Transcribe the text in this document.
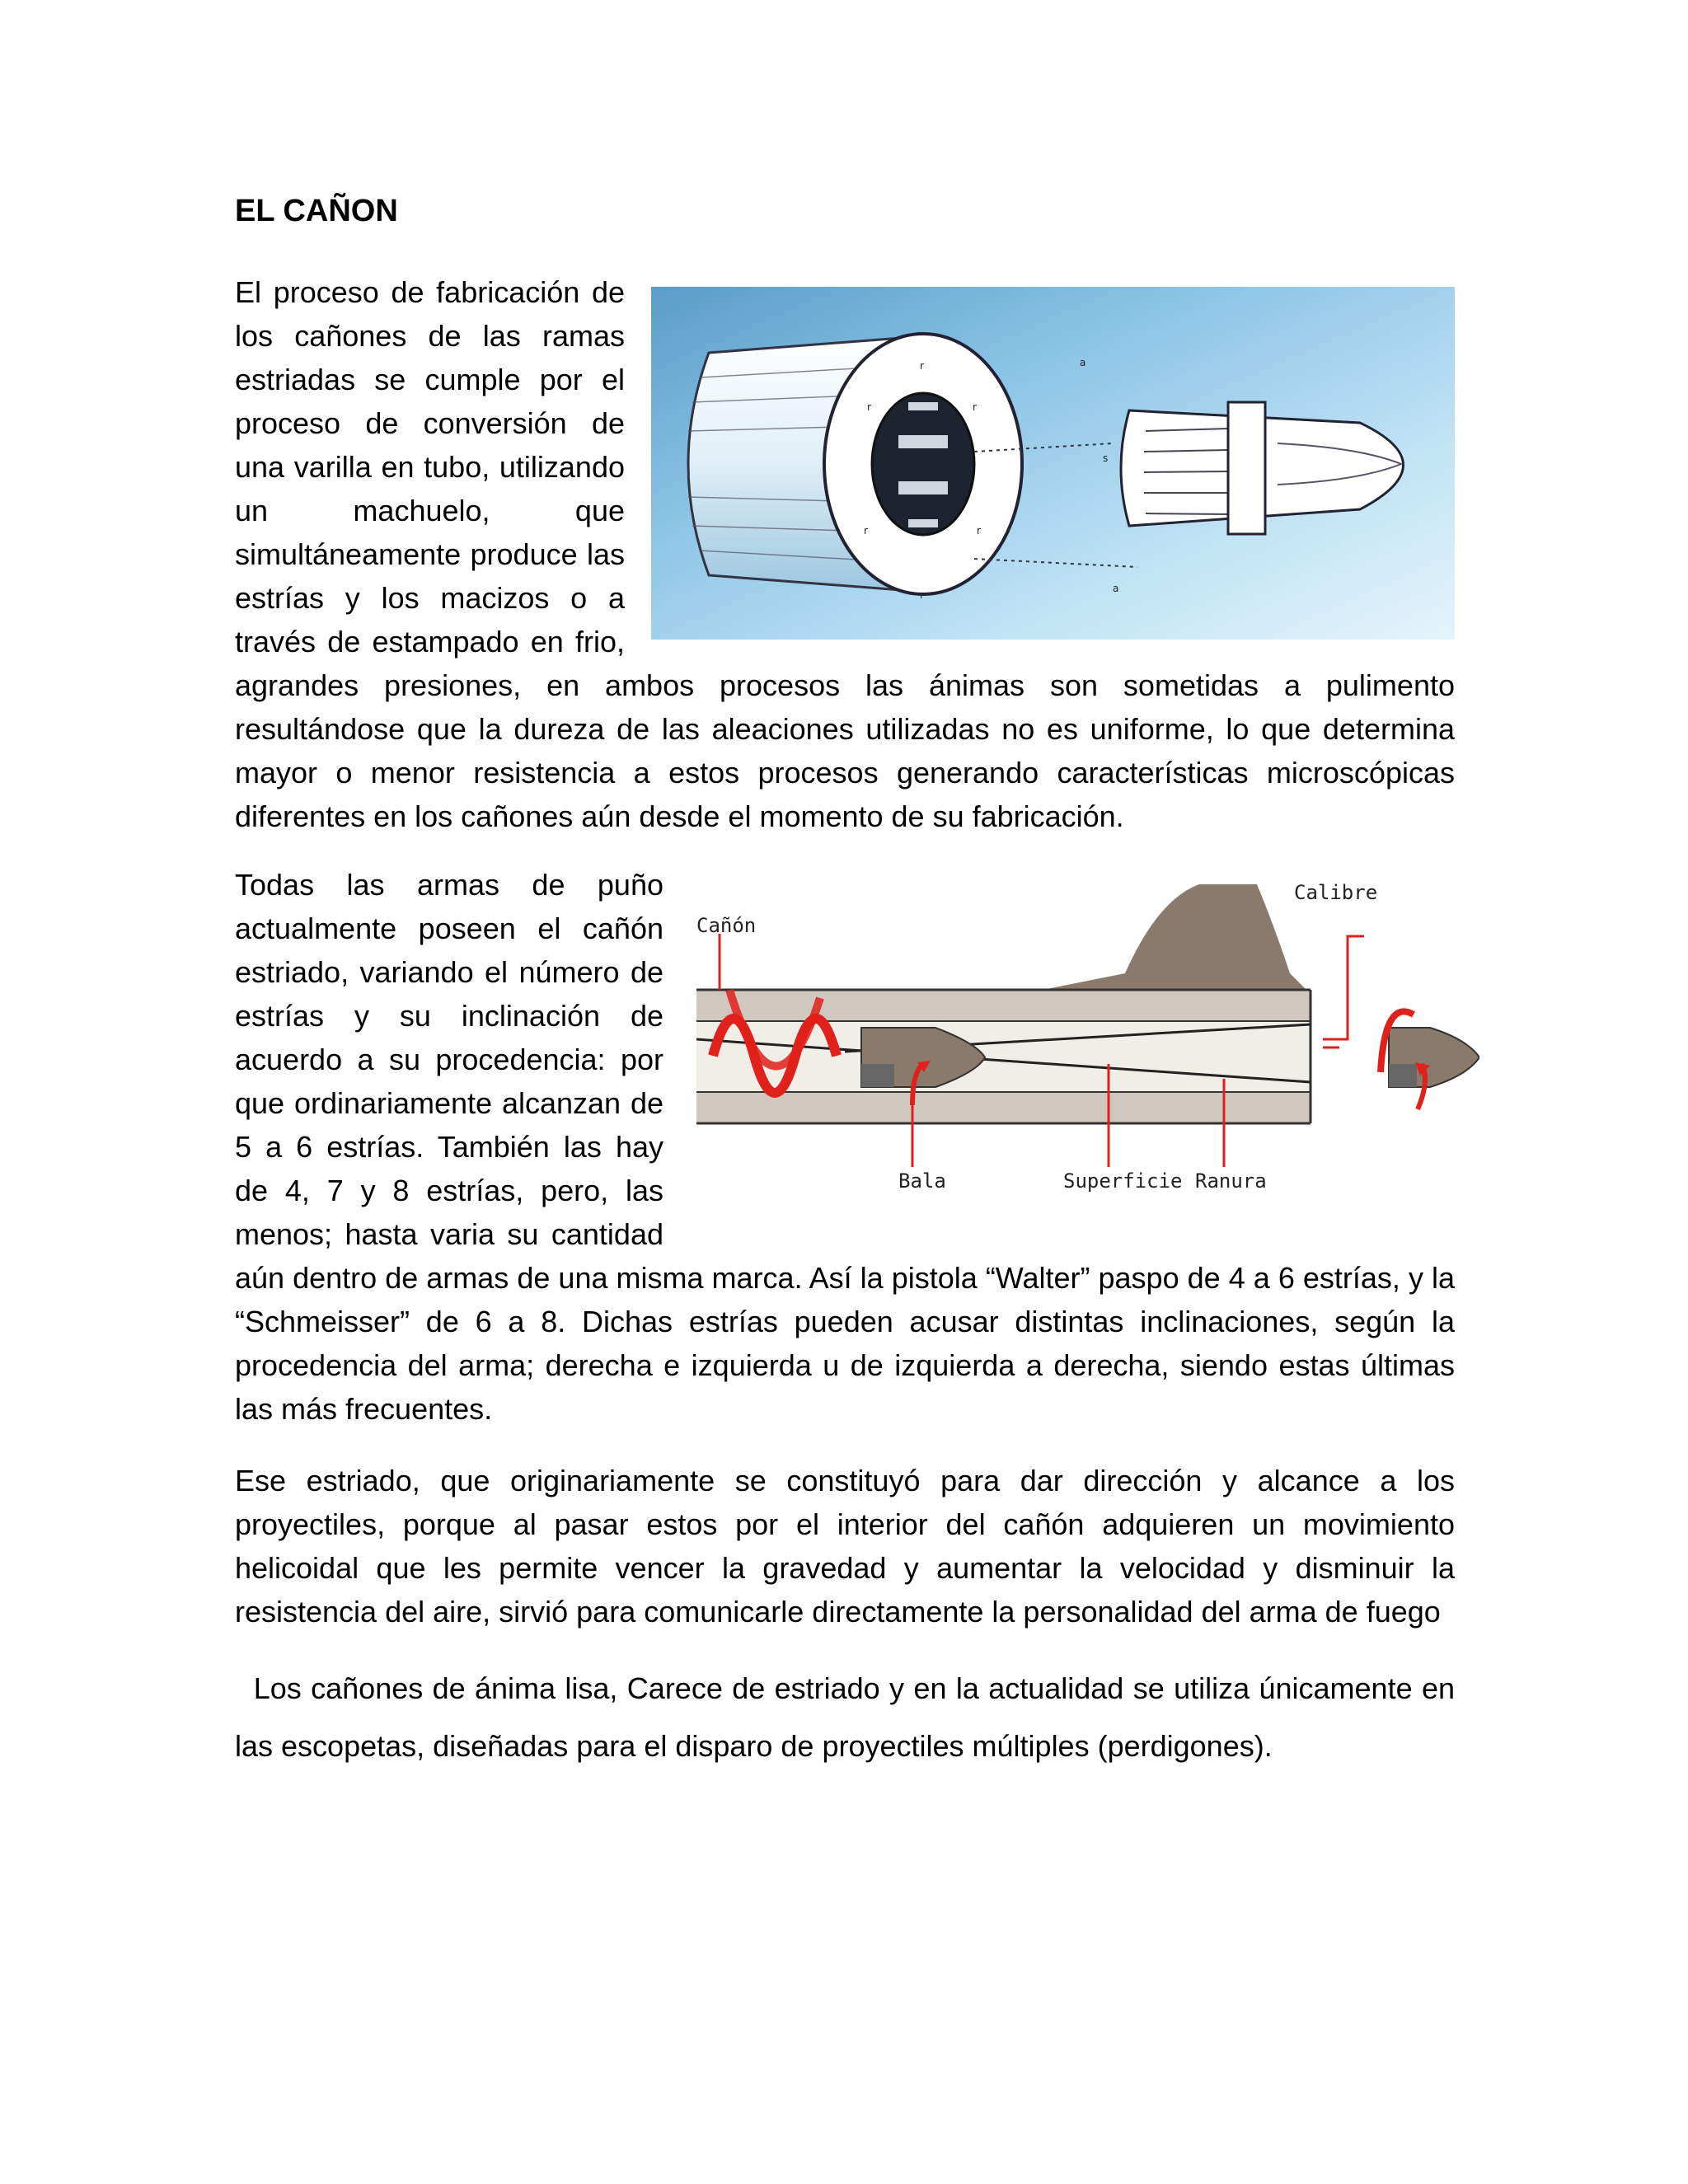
EL CAÑON
r
r
r
r
r
r
a
a
s

El proceso de fabricación de los cañones de las ramas estriadas se cumple por el proceso de conversión de una varilla en tubo, utilizando un machuelo, que simultáneamente produce las estrías y los macizos o a través de estampado en frio, agrandes presiones, en ambos procesos las ánimas son sometidas a pulimento resultándose que la dureza de las aleaciones utilizadas no es uniforme, lo que determina mayor o menor resistencia a estos procesos generando características microscópicas diferentes en los cañones aún desde el momento de su fabricación.

Cañón
Calibre
Bala	Superficie Ranura

Todas las armas de puño actualmente poseen el cañón estriado, variando el número de estrías y su inclinación de acuerdo a su procedencia: por que ordinariamente alcanzan de 5 a 6 estrías. También las hay de 4, 7 y 8 estrías, pero, las menos; hasta varia su cantidad aún dentro de armas de una misma marca. Así la pistola “Walter” paspo de 4 a 6 estrías, y la “Schmeisser” de 6 a 8. Dichas estrías pueden acusar distintas inclinaciones, según la procedencia del arma; derecha e izquierda u de izquierda a derecha, siendo estas últimas las más frecuentes.

Ese estriado, que originariamente se constituyó para dar dirección y alcance a los proyectiles, porque al pasar estos por el interior del cañón adquieren un movimiento helicoidal que les permite vencer la gravedad y aumentar la velocidad y disminuir la resistencia del aire, sirvió para comunicarle directamente la personalidad del arma de fuego

Los cañones de ánima lisa, Carece de estriado y en la actualidad se utiliza únicamente en las escopetas, diseñadas para el disparo de proyectiles múltiples (perdigones).
